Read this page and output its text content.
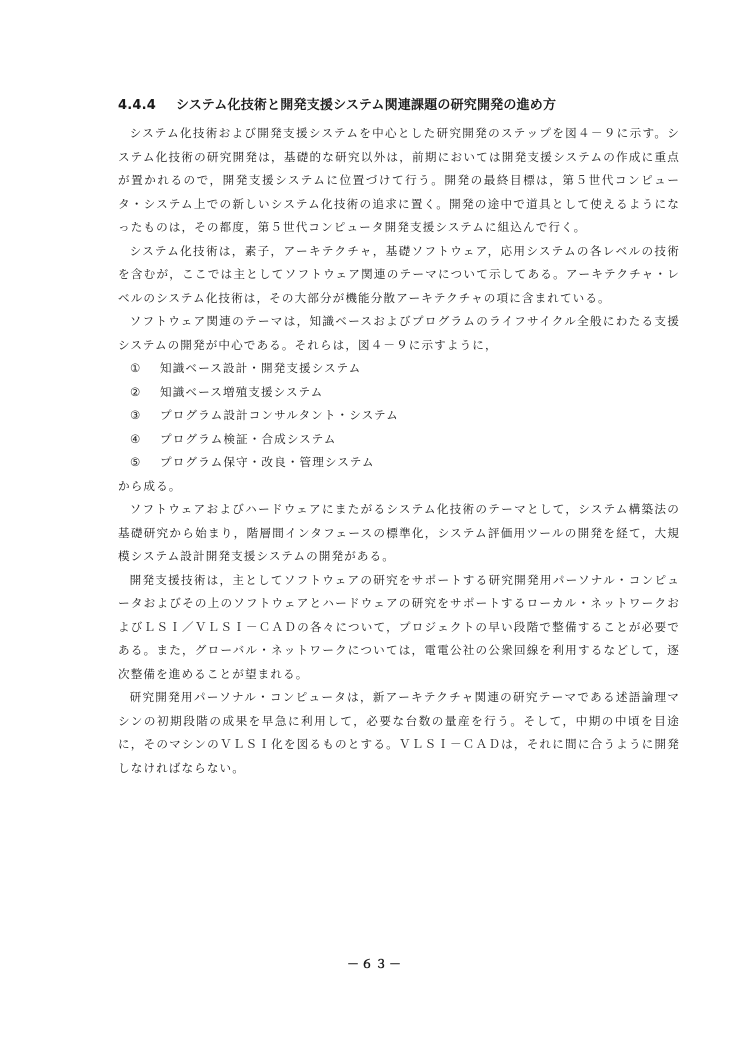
4.4.4 システム化技術と開発支援システム関連課題の研究開発の進め方

システム化技術および開発支援システムを中心とした研究開発のステップを図４－９に示す。システム化技術の研究開発は，基礎的な研究以外は，前期においては開発支援システムの作成に重点が置かれるので，開発支援システムに位置づけて行う。開発の最終目標は，第５世代コンピュータ・システム上での新しいシステム化技術の追求に置く。開発の途中で道具として使えるようになったものは，その都度，第５世代コンピュータ開発支援システムに組込んで行く。

システム化技術は，素子，アーキテクチャ，基礎ソフトウェア，応用システムの各レベルの技術を含むが，ここでは主としてソフトウェア関連のテーマについて示してある。アーキテクチャ・レベルのシステム化技術は，その大部分が機能分散アーキテクチャの項に含まれている。

ソフトウェア関連のテーマは，知識ベースおよびプログラムのライフサイクル全般にわたる支援システムの開発が中心である。それらは，図４－９に示すように，

① 知識ベース設計・開発支援システム
② 知識ベース増殖支援システム
③ プログラム設計コンサルタント・システム
④ プログラム検証・合成システム
⑤ プログラム保守・改良・管理システム

から成る。

ソフトウェアおよびハードウェアにまたがるシステム化技術のテーマとして，システム構築法の基礎研究から始まり，階層間インタフェースの標準化，システム評価用ツールの開発を経て，大規模システム設計開発支援システムの開発がある。

開発支援技術は，主としてソフトウェアの研究をサポートする研究開発用パーソナル・コンピュータおよびその上のソフトウェアとハードウェアの研究をサポートするローカル・ネットワークおよびＬＳＩ／ＶＬＳＩ－ＣＡＤの各々について，プロジェクトの早い段階で整備することが必要である。また，グローバル・ネットワークについては，電電公社の公衆回線を利用するなどして，逐次整備を進めることが望まれる。

研究開発用パーソナル・コンピュータは，新アーキテクチャ関連の研究テーマである述語論理マシンの初期段階の成果を早急に利用して，必要な台数の量産を行う。そして，中期の中頃を目途に，そのマシンのＶＬＳＩ化を図るものとする。ＶＬＳＩ－ＣＡＤは，それに間に合うように開発しなければならない。

－６３－
